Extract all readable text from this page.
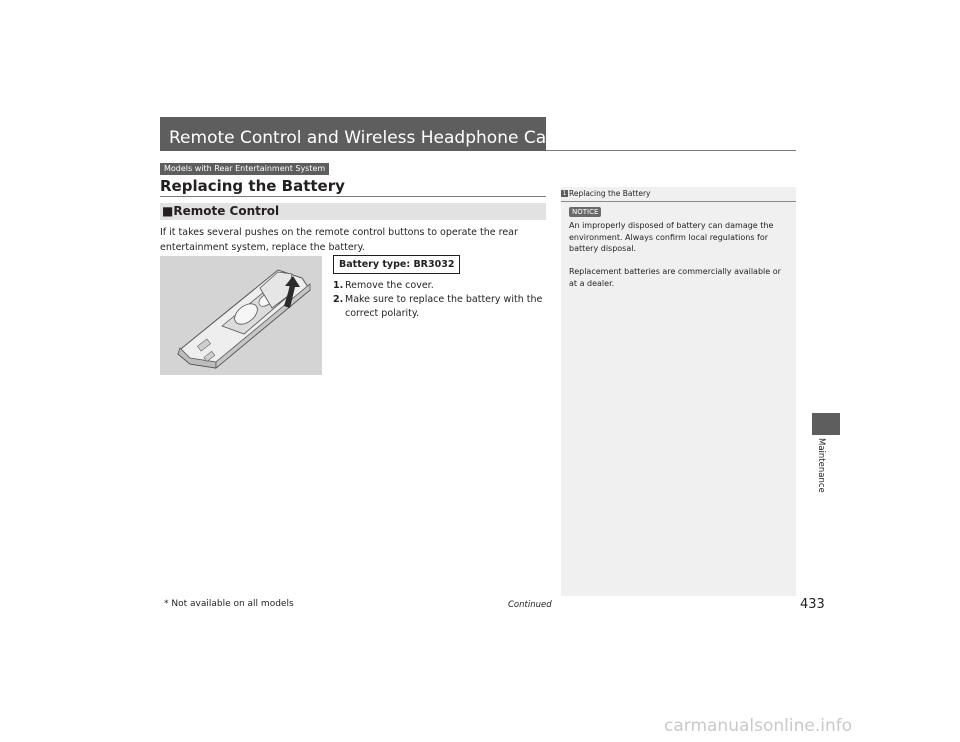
Remote Control and Wireless Headphone Care*
Models with Rear Entertainment System
Replacing the Battery
■Remote Control
If it takes several pushes on the remote control buttons to operate the rear entertainment system, replace the battery.
Battery type: BR3032
1. Remove the cover.
2. Make sure to replace the battery with the correct polarity.
1 Replacing the Battery
NOTICE

An improperly disposed of battery can damage the environment. Always confirm local regulations for battery disposal.

Replacement batteries are commercially available or at a dealer.

Maintenance
* Not available on all models	Continued	433
carmanualsonline.info
